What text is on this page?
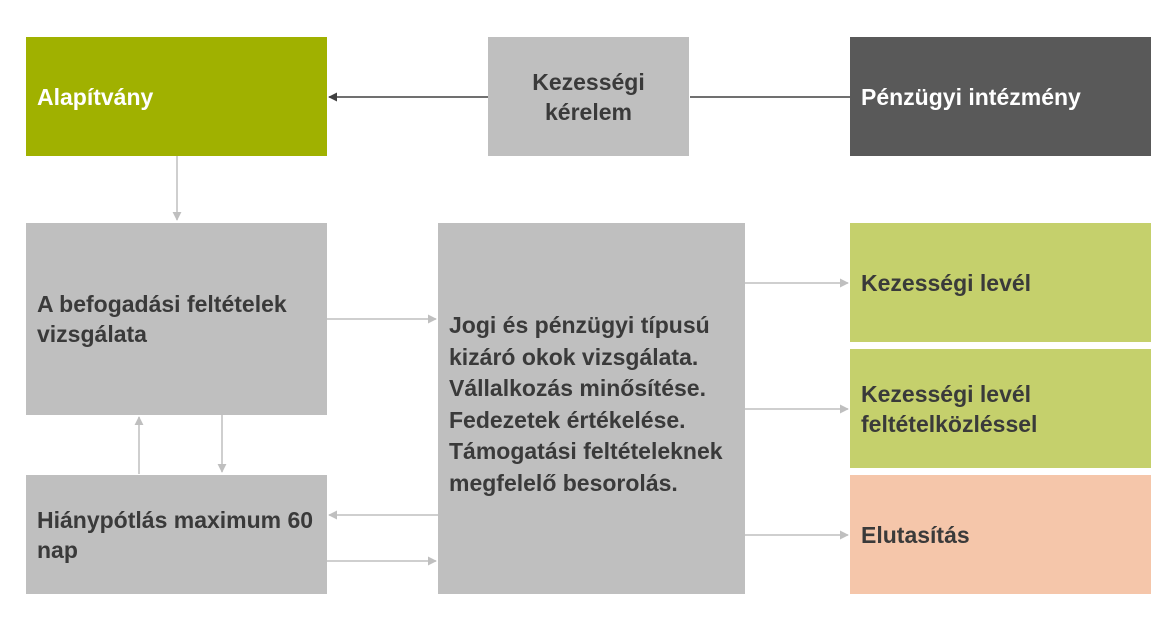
Alapítvány
Kezességi
kérelem
Pénzügyi intézmény
A befogadási feltételek
vizsgálata
Hiánypótlás maximum 60
nap
Jogi és pénzügyi típusú
kizáró okok vizsgálata.
Vállalkozás minősítése.
Fedezetek értékelése.
Támogatási feltételeknek
megfelelő besorolás.
Kezességi levél
Kezességi levél
feltételközléssel
Elutasítás
